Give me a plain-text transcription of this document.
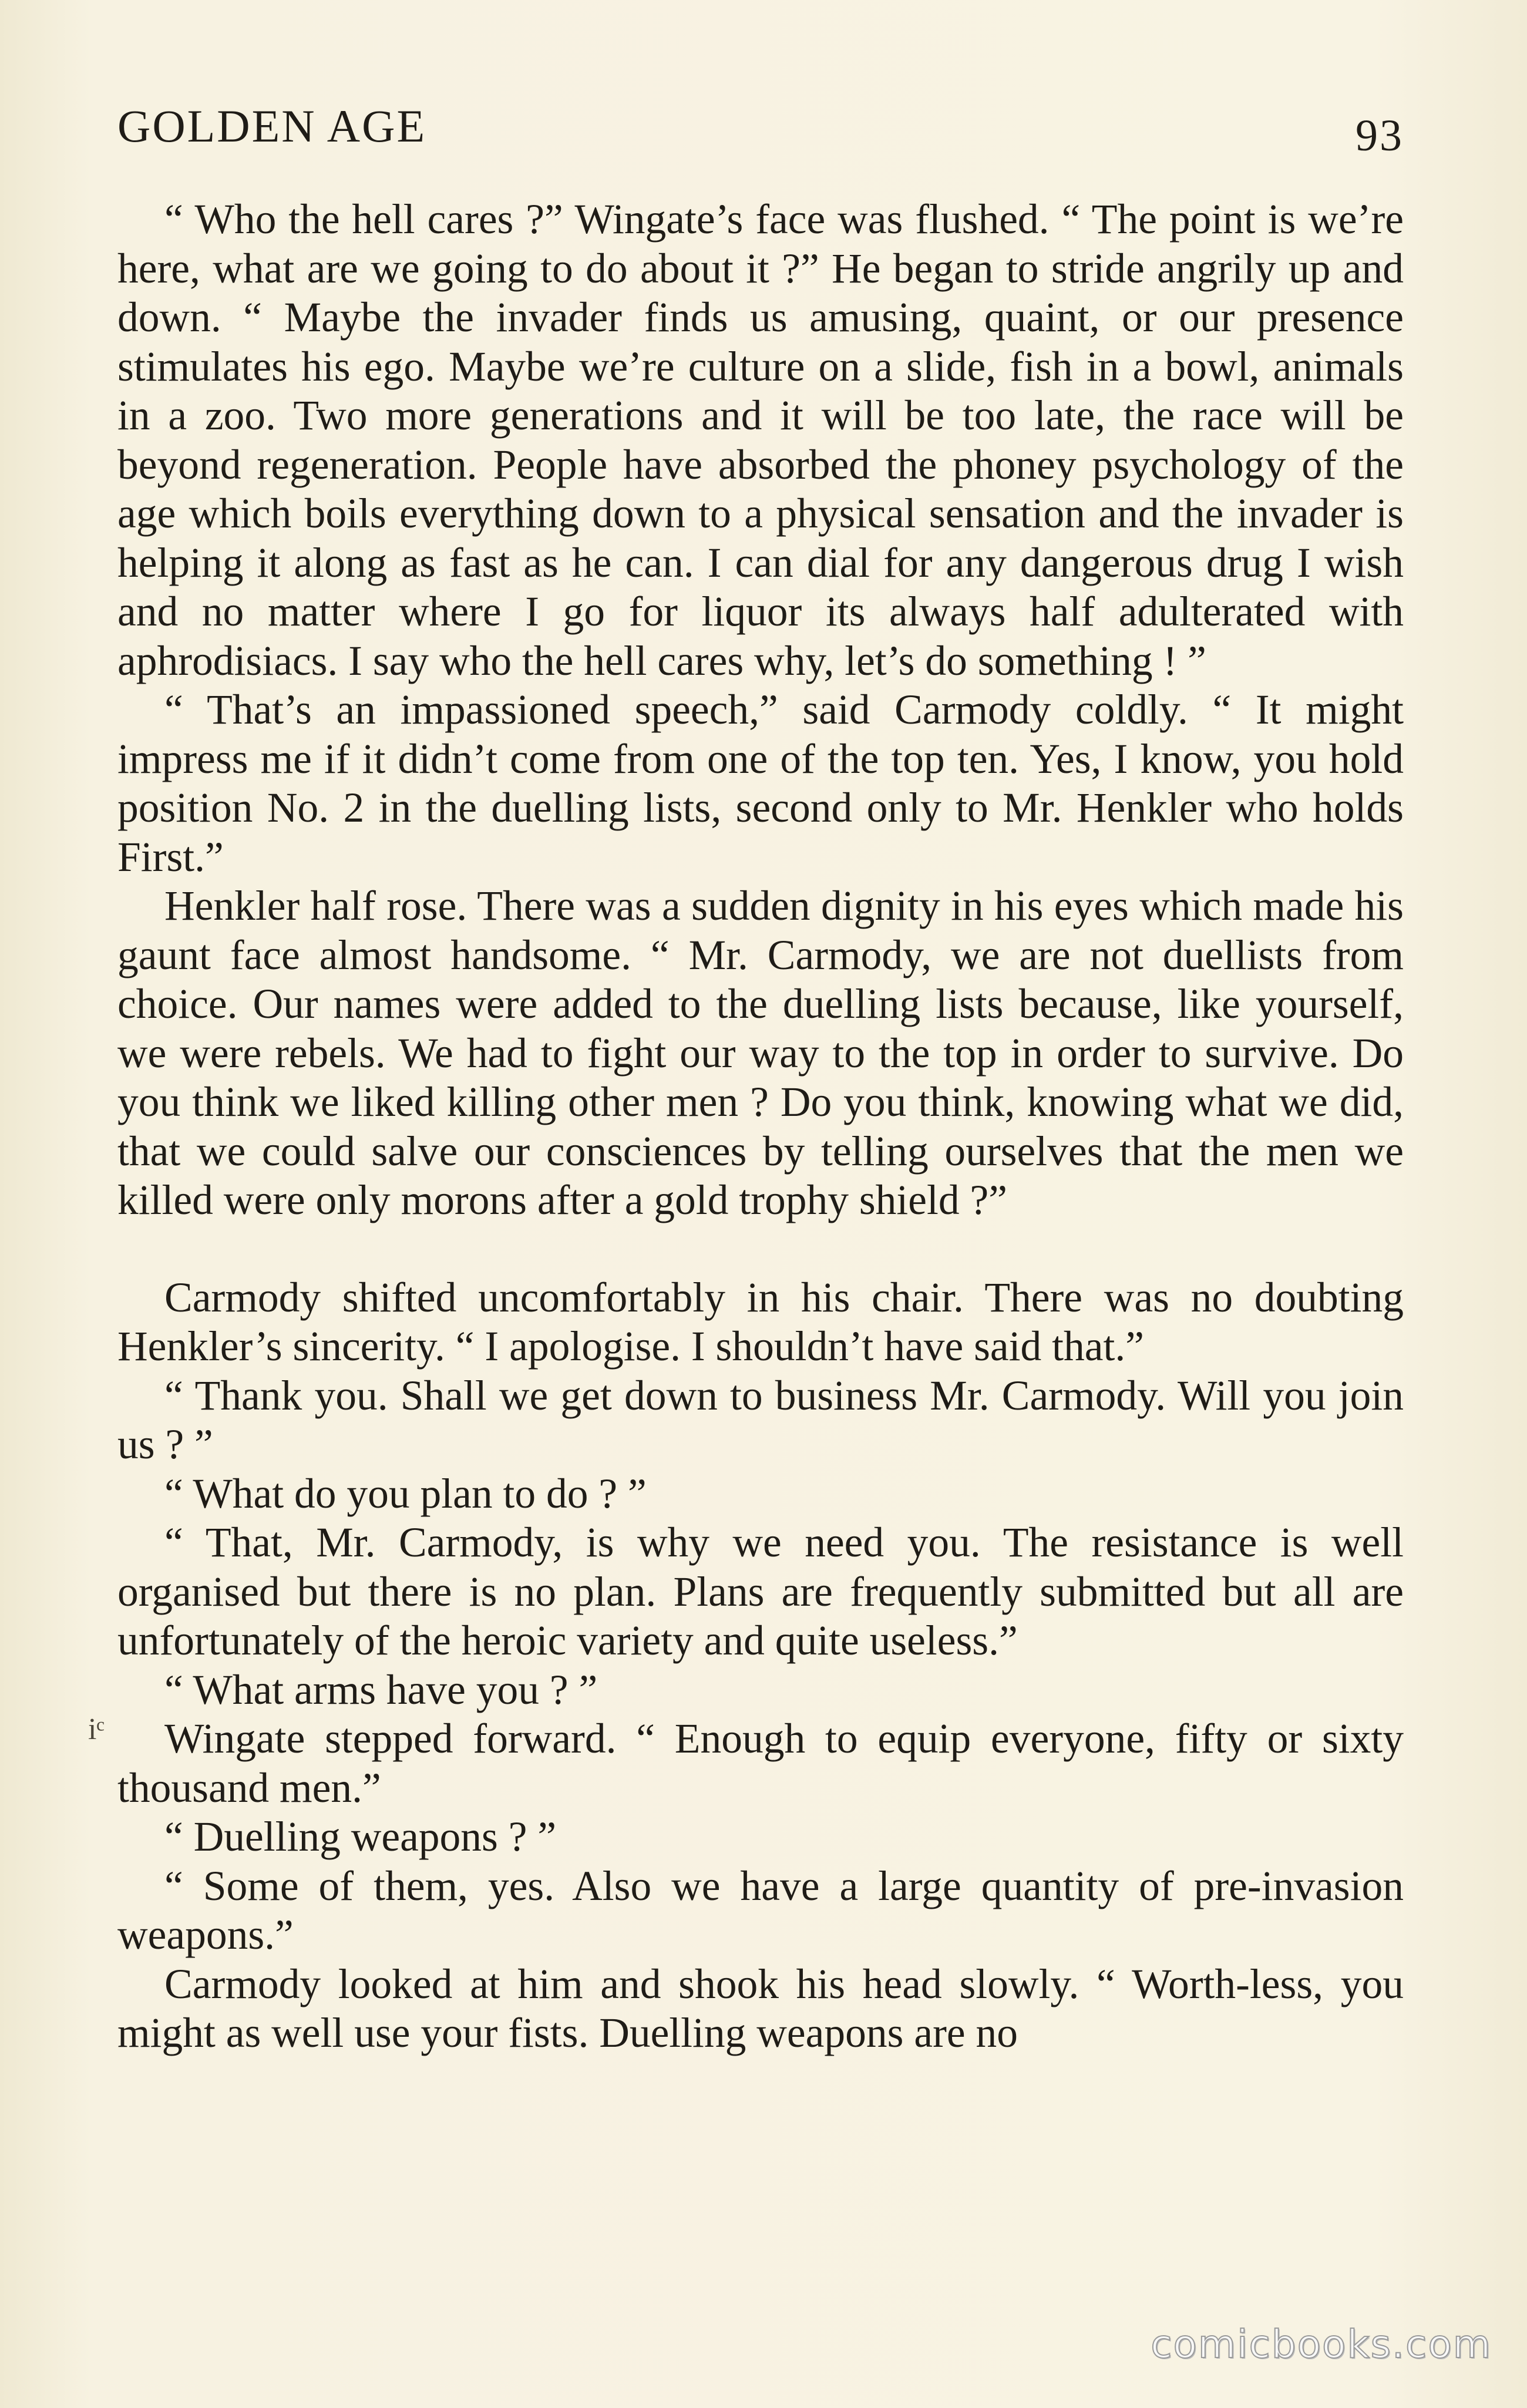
GOLDEN AGE	93

“ Who the hell cares ?” Wingate’s face was flushed. “ The point is we’re here, what are we going to do about it ?” He began to stride angrily up and down. “ Maybe the invader finds us amusing, quaint, or our presence stimulates his ego. Maybe we’re culture on a slide, fish in a bowl, animals in a zoo. Two more generations and it will be too late, the race will be beyond regeneration. People have absorbed the phoney psychology of the age which boils everything down to a physical sensation and the invader is helping it along as fast as he can. I can dial for any dangerous drug I wish and no matter where I go for liquor its always half adulterated with aphrodisiacs. I say who the hell cares why, let’s do something ! ”

“ That’s an impassioned speech,” said Carmody coldly. “ It might impress me if it didn’t come from one of the top ten. Yes, I know, you hold position No. 2 in the duelling lists, second only to Mr. Henkler who holds First.”

Henkler half rose. There was a sudden dignity in his eyes which made his gaunt face almost handsome. “ Mr. Carmody, we are not duellists from choice. Our names were added to the duelling lists because, like yourself, we were rebels. We had to fight our way to the top in order to survive. Do you think we liked killing other men ? Do you think, knowing what we did, that we could salve our consciences by telling ourselves that the men we killed were only morons after a gold trophy shield ?”

Carmody shifted uncomfortably in his chair. There was no doubting Henkler’s sincerity. “ I apologise. I shouldn’t have said that.”

“ Thank you. Shall we get down to business Mr. Carmody. Will you join us ? ”

“ What do you plan to do ? ”

“ That, Mr. Carmody, is why we need you. The resistance is well organised but there is no plan. Plans are frequently submitted but all are unfortunately of the heroic variety and quite useless.”

“ What arms have you ? ”

Wingate stepped forward. “ Enough to equip everyone, fifty or sixty thousand men.”

“ Duelling weapons ? ”

“ Some of them, yes. Also we have a large quantity of pre-invasion weapons.”

Carmody looked at him and shook his head slowly. “ Worth-less, you might as well use your fists. Duelling weapons are no

iᶜ
comicbooks.com
